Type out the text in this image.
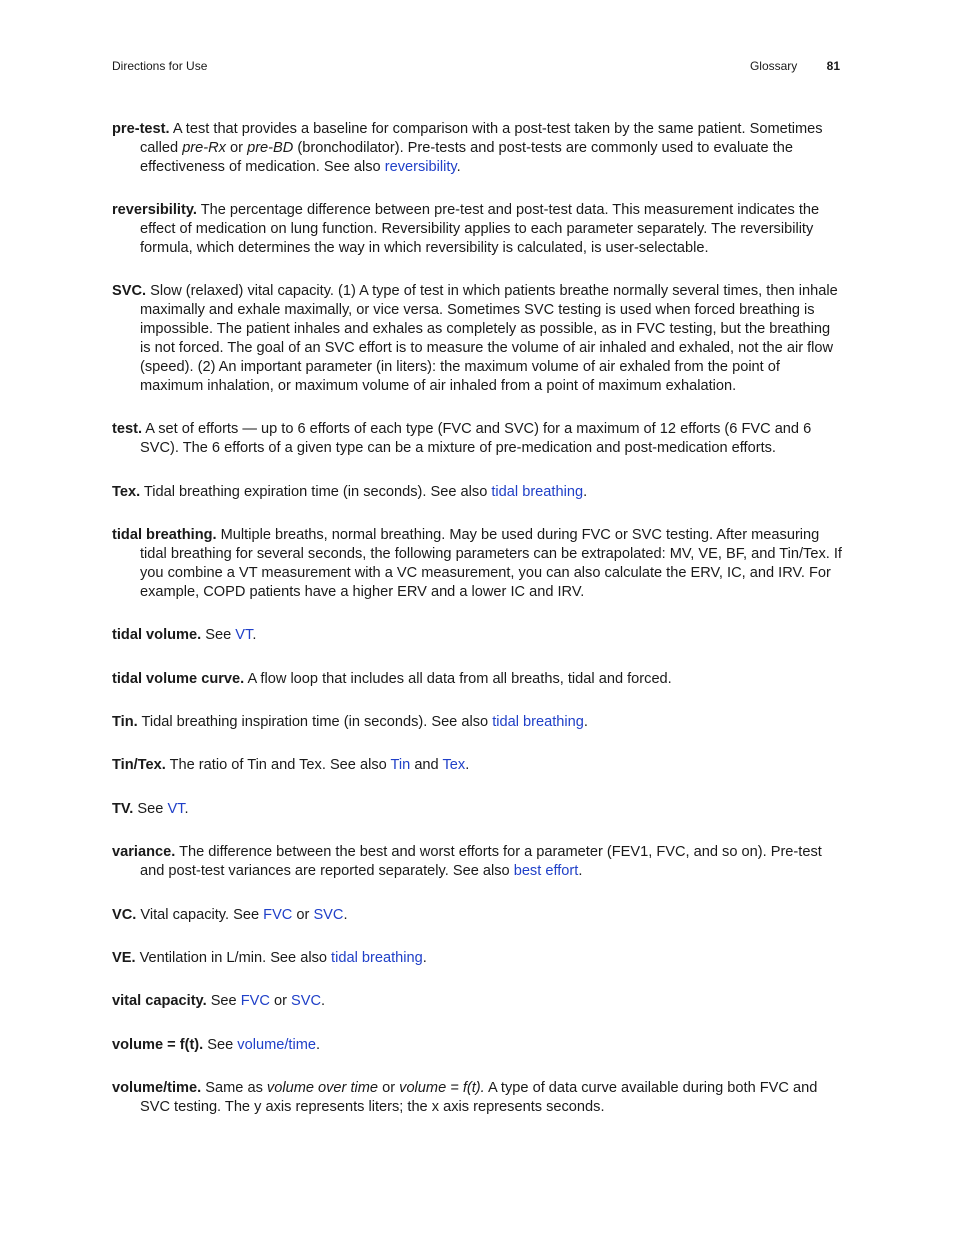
Directions for Use	Glossary 81

pre-test. A test that provides a baseline for comparison with a post-test taken by the same patient. Sometimes called pre-Rx or pre-BD (bronchodilator). Pre-tests and post-tests are commonly used to evaluate the effectiveness of medication. See also reversibility.

reversibility. The percentage difference between pre-test and post-test data. This measurement indicates the effect of medication on lung function. Reversibility applies to each parameter separately. The reversibility formula, which determines the way in which reversibility is calculated, is user-selectable.

SVC. Slow (relaxed) vital capacity. (1) A type of test in which patients breathe normally several times, then inhale maximally and exhale maximally, or vice versa. Sometimes SVC testing is used when forced breathing is impossible. The patient inhales and exhales as completely as possible, as in FVC testing, but the breathing is not forced. The goal of an SVC effort is to measure the volume of air inhaled and exhaled, not the air flow (speed). (2) An important parameter (in liters): the maximum volume of air exhaled from the point of maximum inhalation, or maximum volume of air inhaled from a point of maximum exhalation.

test. A set of efforts — up to 6 efforts of each type (FVC and SVC) for a maximum of 12 efforts (6 FVC and 6 SVC). The 6 efforts of a given type can be a mixture of pre-medication and post-medication efforts.

Tex. Tidal breathing expiration time (in seconds). See also tidal breathing.

tidal breathing. Multiple breaths, normal breathing. May be used during FVC or SVC testing. After measuring tidal breathing for several seconds, the following parameters can be extrapolated: MV, VE, BF, and Tin/Tex. If you combine a VT measurement with a VC measurement, you can also calculate the ERV, IC, and IRV. For example, COPD patients have a higher ERV and a lower IC and IRV.

tidal volume. See VT.

tidal volume curve. A flow loop that includes all data from all breaths, tidal and forced.

Tin. Tidal breathing inspiration time (in seconds). See also tidal breathing.

Tin/Tex. The ratio of Tin and Tex. See also Tin and Tex.

TV. See VT.

variance. The difference between the best and worst efforts for a parameter (FEV1, FVC, and so on). Pre-test and post-test variances are reported separately. See also best effort.

VC. Vital capacity. See FVC or SVC.

VE. Ventilation in L/min. See also tidal breathing.

vital capacity. See FVC or SVC.

volume = f(t). See volume/time.

volume/time. Same as volume over time or volume = f(t). A type of data curve available during both FVC and SVC testing. The y axis represents liters; the x axis represents seconds.
